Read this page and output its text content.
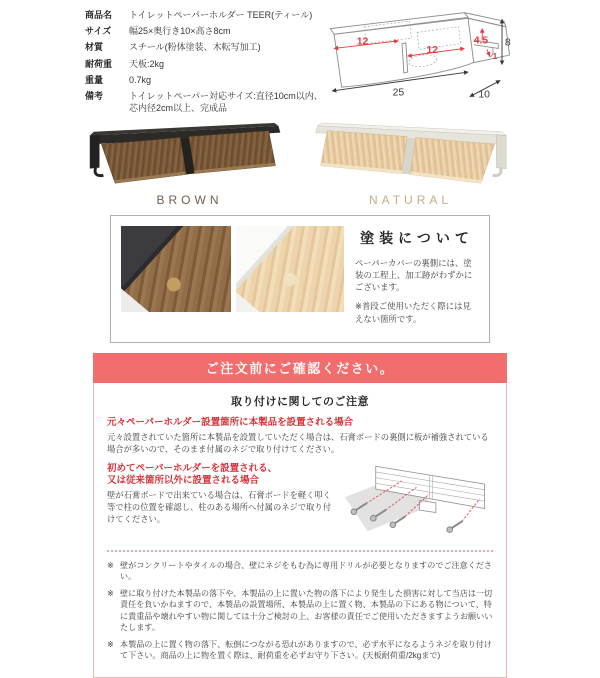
商品名	トイレットペーパーホルダー TEER(ティール)
サイズ	幅25×奥行き10×高さ8cm
材質	スチール(粉体塗装、木転写加工)
耐荷重	天板:2kg
重量	0.7kg
備考	トイレットペーパー対応サイズ:直径10cm以内、芯内径2cm以上、完成品
12
12
4.5
1
8
25	10
BROWN	NATURAL
塗装について

ペーパーカバーの裏側には、塗装の工程上、加工跡がわずかにございます。

※普段ご使用いただく際には見えない箇所です。

ご注文前にご確認ください。
取り付けに関してのご注意
元々ペーパーホルダー設置箇所に本製品を設置される場合

元々設置されていた箇所に本製品を設置していただく場合は、石膏ボードの裏側に板が補強されている場合が多いので、そのまま付属のネジで取り付けてください。

初めてペーパーホルダーを設置される、
又は従来箇所以外に設置される場合

壁が石膏ボードで出来ている場合は、石膏ボードを軽く叩く等で柱の位置を確認し、柱のある場所へ付属のネジで取り付けてください。

※ 壁がコンクリートやタイルの場合、壁にネジをもむ為に専用ドリルが必要となりますのでご注意ください。

※ 壁に取り付けた本製品の落下や、本製品の上に置いた物の落下により発生した損害に対して当店は一切責任を負いかねますので、本製品の設置場所、本製品の上に置く物、本製品の下にある物について、特に貴重品や壊れやすい物に関しては十分ご検討の上、お客様の責任でご使用いただきますようお願いいたします。

※ 本製品の上に置く物の落下、転倒につながる恐れがありますので、必ず水平になるようネジを取り付けて下さい。商品の上に物を置く際は、耐荷重を必ずお守り下さい。(天板耐荷重/2kgまで)
